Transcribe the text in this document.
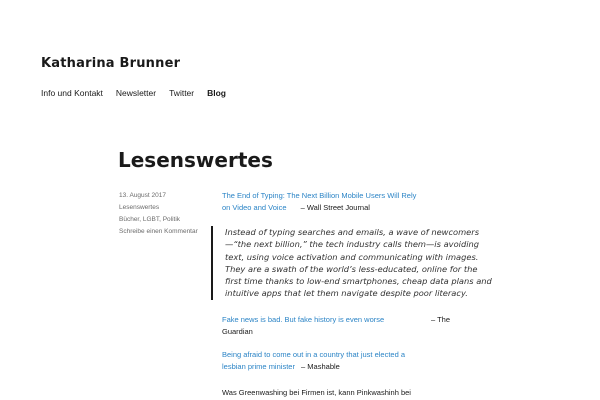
Katharina Brunner
Info und Kontakt Newsletter Twitter Blog
Lesenswertes
13. August 2017
Lesenswertes
Bücher, LGBT, Politik
Schreibe einen Kommentar
The End of Typing: The Next Billion Mobile Users Will Rely
on Video and Voice – Wall Street Journal
Instead of typing searches and emails, a wave of newcomers —“the next billion,” the tech industry calls them—is avoiding text, using voice activation and communicating with images. They are a swath of the world’s less-educated, online for the first time thanks to low-end smartphones, cheap data plans and intuitive apps that let them navigate despite poor literacy.
Fake news is bad. But fake history is even worse	– The
Guardian
Being afraid to come out in a country that just elected a
lesbian prime minister – Mashable
Was Greenwashing bei Firmen ist, kann Pinkwashinh bei
